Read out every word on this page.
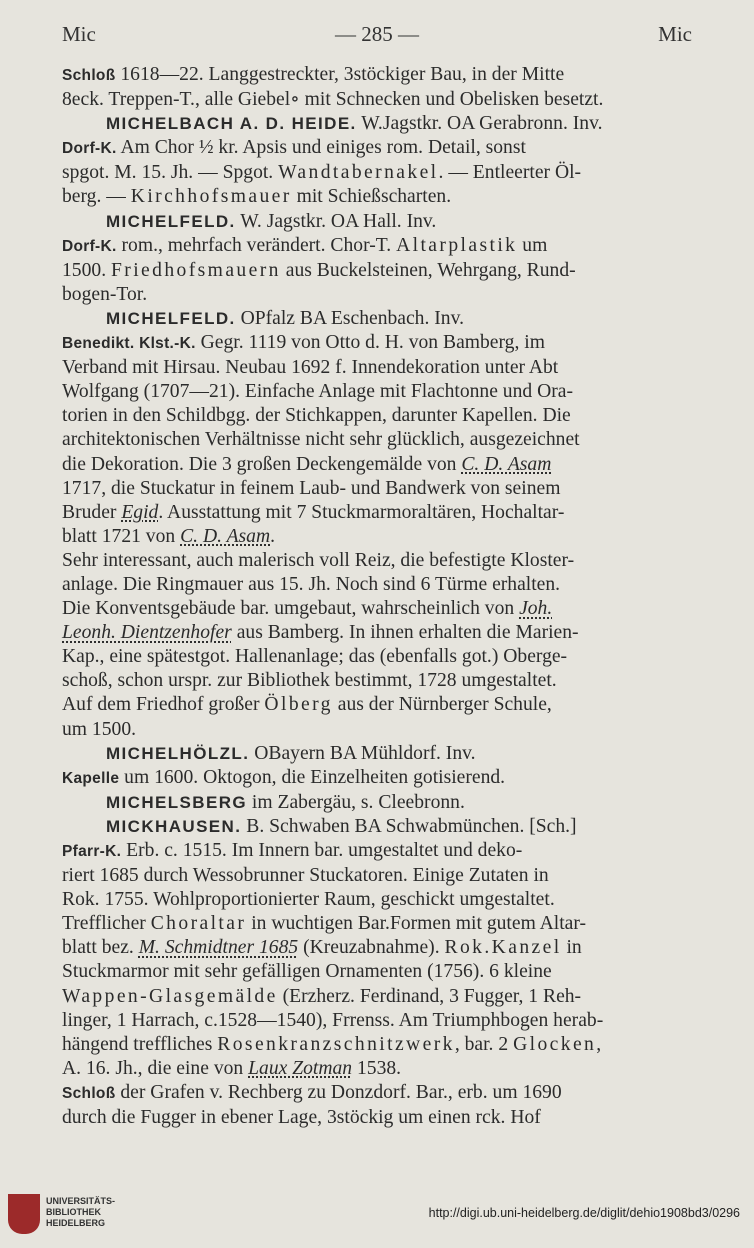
Mic	— 285 —	Mic

Schloß 1618—22. Langgestreckter, 3stöckiger Bau, in der Mitte

8eck. Treppen-T., alle Giebel∘ mit Schnecken und Obelisken besetzt.

MICHELBACH A. D. HEIDE. W.Jagstkr. OA Gerabronn. Inv.

Dorf-K. Am Chor ½ kr. Apsis und einiges rom. Detail, sonst

spgot. M. 15. Jh. — Spgot. Wandtabernakel. — Entleerter Öl-

berg. — Kirchhofsmauer mit Schießscharten.

MICHELFELD. W. Jagstkr. OA Hall. Inv.

Dorf-K. rom., mehrfach verändert. Chor-T. Altarplastik um

1500. Friedhofsmauern aus Buckelsteinen, Wehrgang, Rund-

bogen-Tor.

MICHELFELD. OPfalz BA Eschenbach. Inv.

Benedikt. Klst.-K. Gegr. 1119 von Otto d. H. von Bamberg, im

Verband mit Hirsau. Neubau 1692 f. Innendekoration unter Abt

Wolfgang (1707—21). Einfache Anlage mit Flachtonne und Ora-

torien in den Schildbgg. der Stichkappen, darunter Kapellen. Die

architektonischen Verhältnisse nicht sehr glücklich, ausgezeichnet

die Dekoration. Die 3 großen Deckengemälde von C. D. Asam

1717, die Stuckatur in feinem Laub- und Bandwerk von seinem

Bruder Egid. Ausstattung mit 7 Stuckmarmoraltären, Hochaltar-

blatt 1721 von C. D. Asam.

Sehr interessant, auch malerisch voll Reiz, die befestigte Kloster-

anlage. Die Ringmauer aus 15. Jh. Noch sind 6 Türme erhalten.

Die Konventsgebäude bar. umgebaut, wahrscheinlich von Joh.

Leonh. Dientzenhofer aus Bamberg. In ihnen erhalten die Marien-

Kap., eine spätestgot. Hallenanlage; das (ebenfalls got.) Oberge-

schoß, schon urspr. zur Bibliothek bestimmt, 1728 umgestaltet.

Auf dem Friedhof großer Ölberg aus der Nürnberger Schule,

um 1500.

MICHELHÖLZL. OBayern BA Mühldorf. Inv.

Kapelle um 1600. Oktogon, die Einzelheiten gotisierend.

MICHELSBERG im Zabergäu, s. Cleebronn.

MICKHAUSEN. B. Schwaben BA Schwabmünchen. [Sch.]

Pfarr-K. Erb. c. 1515. Im Innern bar. umgestaltet und deko-

riert 1685 durch Wessobrunner Stuckatoren. Einige Zutaten in

Rok. 1755. Wohlproportionierter Raum, geschickt umgestaltet.

Trefflicher Choraltar in wuchtigen Bar.Formen mit gutem Altar-

blatt bez. M. Schmidtner 1685 (Kreuzabnahme). Rok.Kanzel in

Stuckmarmor mit sehr gefälligen Ornamenten (1756). 6 kleine

Wappen-Glasgemälde (Erzherz. Ferdinand, 3 Fugger, 1 Reh-

linger, 1 Harrach, c.1528—1540), Frrenss. Am Triumphbogen herab-

hängend treffliches Rosenkranzschnitzwerk, bar. 2 Glocken,

A. 16. Jh., die eine von Laux Zotman 1538.

Schloß der Grafen v. Rechberg zu Donzdorf. Bar., erb. um 1690

durch die Fugger in ebener Lage, 3stöckig um einen rck. Hof

UNIVERSITÄTS-
BIBLIOTHEK
HEIDELBERG
http://digi.ub.uni-heidelberg.de/diglit/dehio1908bd3/0296
